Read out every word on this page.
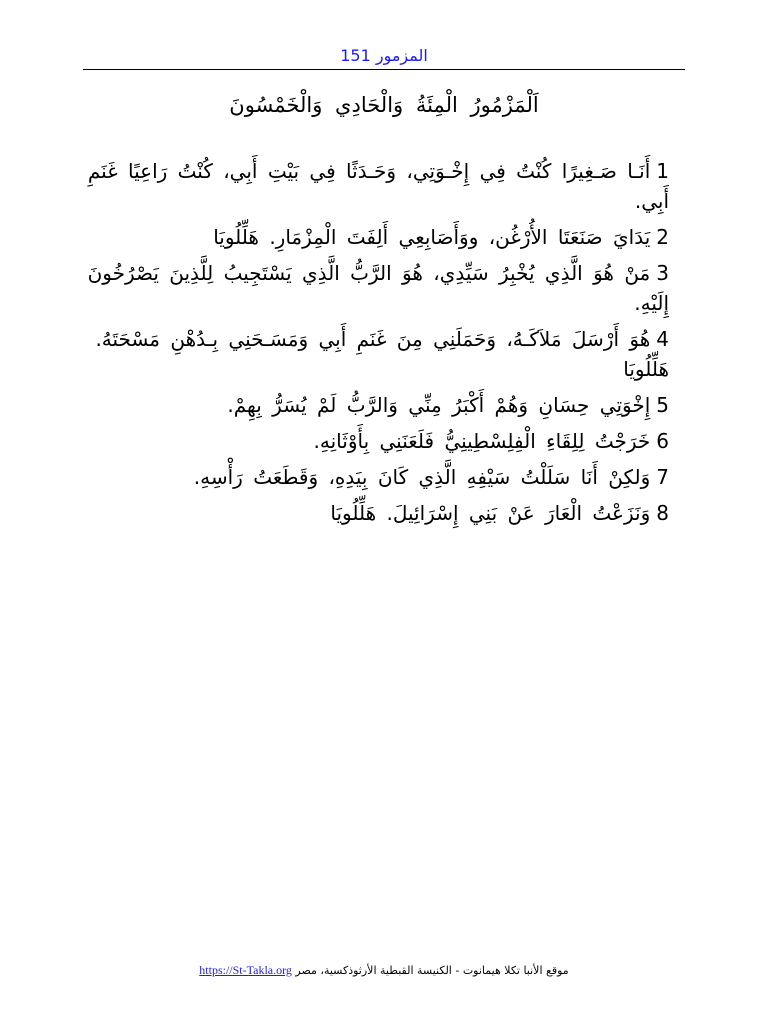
المزمور 151
اَلْمَزْمُورُ الْمِئَةُ وَالْحَادِي وَالْخَمْسُونَ

1أَنَـا صَـغِيرًا كُنْتُ فِي إِخْـوَتِي، وَحَـدَثًا فِي بَيْتِ أَبِي، كُنْتُ رَاعِيًا غَنَمِ أَبِي.

2يَدَايَ صَنَعَتَا الأُرْغُن، ووَأَصَابِعِي أَلِفَتَ الْمِزْمَارِ. هَلِّلُويَا

3مَنْ هُوَ الَّذِي يُخْبِرُ سَيِّدِي، هُوَ الرَّبُّ الَّذِي يَسْتَجِيبُ لِلَّذِينَ يَصْرُخُونَ إِلَيْهِ.

4هُوَ أَرْسَلَ مَلاَكَـهُ، وَحَمَلَنِي مِنَ غَنَمِ أَبِي وَمَسَـحَنِي بِـدُهْنِ مَسْحَتَهُ. هَلِّلُويَا

5إِخْوَتِي حِسَانِ وَهُمْ أَكْبَرُ مِنِّي وَالرَّبُّ لَمْ يُسَرُّ بِهِمْ.

6خَرَجْتُ لِلِقَاءِ الْفِلِسْطِينِيُّ فَلَعَنَنِي بِأَوْثَانِهِ.

7وَلكِنْ أَنَا سَلَلْتُ سَيْفِهِ الَّذِي كَانَ بِيَدِهِ، وَقَطَعَتُ رَأْسِهِ.

8وَنَزَعْتُ الْعَارَ عَنْ بَنِي إِسْرَائِيلَ. هَلِّلُويَا

موقع الأنبا تكلا هيمانوت - الكنيسة القبطية الأرثوذكسية، مصر https://St-Takla.org
